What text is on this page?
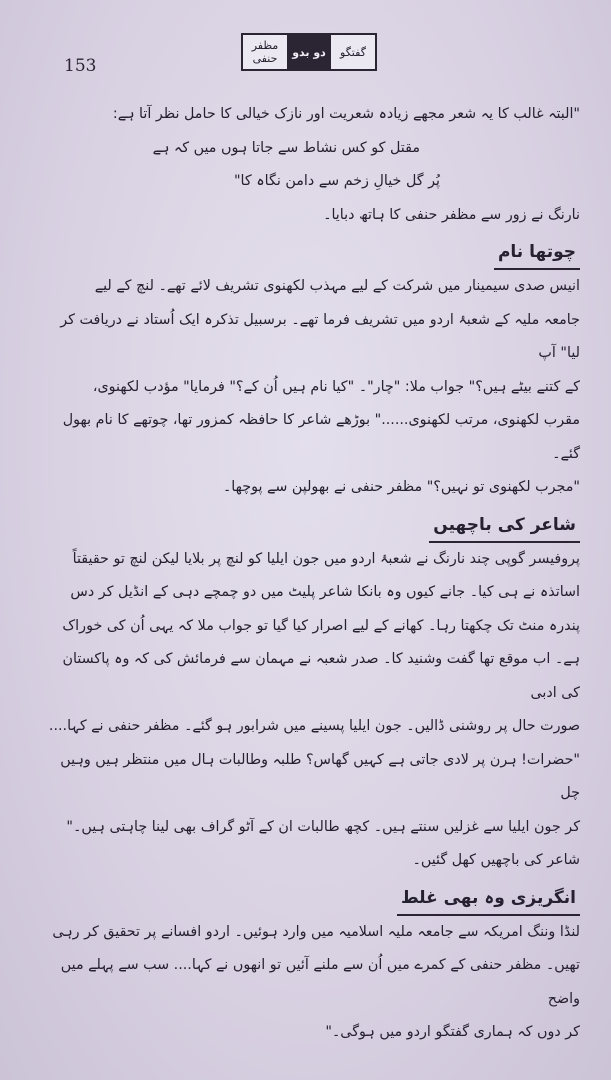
153
گفتگو
دو بدو
مظفر حنفی

"البتہ غالب کا یہ شعر مجھے زیادہ شعریت اور نازک خیالی کا حامل نظر آتا ہے:

مقتل کو کس نشاط سے جاتا ہوں میں کہ ہے

پُر گل خیالِ زخم سے دامن نگاہ کا"

نارنگ نے زور سے مظفر حنفی کا ہاتھ دبایا۔

چوتھا نام

انیس صدی سیمینار میں شرکت کے لیے مہذب لکھنوی تشریف لائے تھے۔ لنچ کے لیے

جامعہ ملیہ کے شعبۂ اردو میں تشریف فرما تھے۔ برسبیل تذکرہ ایک اُستاد نے دریافت کر لیا" آپ

کے کتنے بیٹے ہیں؟" جواب ملا: "چار"۔ "کیا نام ہیں اُن کے؟" فرمایا" مؤدب لکھنوی،

مقرب لکھنوی، مرتب لکھنوی......" بوڑھے شاعر کا حافظہ کمزور تھا، چوتھے کا نام بھول گئے۔

"مجرب لکھنوی تو نہیں؟" مظفر حنفی نے بھولپن سے پوچھا۔

شاعر کی باچھیں

پروفیسر گوپی چند نارنگ نے شعبۂ اردو میں جون ایلیا کو لنچ پر بلایا لیکن لنچ تو حقیقتاً

اساتذہ نے ہی کیا۔ جانے کیوں وہ بانکا شاعر پلیٹ میں دو چمچے دہی کے انڈیل کر دس

پندرہ منٹ تک چکھتا رہا۔ کھانے کے لیے اصرار کیا گیا تو جواب ملا کہ یہی اُن کی خوراک

ہے۔ اب موقع تھا گفت وشنید کا۔ صدر شعبہ نے مہمان سے فرمائش کی کہ وہ پاکستان کی ادبی

صورت حال پر روشنی ڈالیں۔ جون ایلیا پسینے میں شرابور ہو گئے۔ مظفر حنفی نے کہا....

"حضرات! ہرن پر لادی جاتی ہے کہیں گھاس؟ طلبہ وطالبات ہال میں منتظر ہیں وہیں چل

کر جون ایلیا سے غزلیں سنتے ہیں۔ کچھ طالبات ان کے آٹو گراف بھی لینا چاہتی ہیں۔"

شاعر کی باچھیں کھل گئیں۔

انگریزی وہ بھی غلط

لنڈا وننگ امریکہ سے جامعہ ملیہ اسلامیہ میں وارد ہوئیں۔ اردو افسانے پر تحقیق کر رہی

تھیں۔ مظفر حنفی کے کمرے میں اُن سے ملنے آئیں تو انھوں نے کہا.... سب سے پہلے میں واضح

کر دوں کہ ہماری گفتگو اردو میں ہوگی۔"
